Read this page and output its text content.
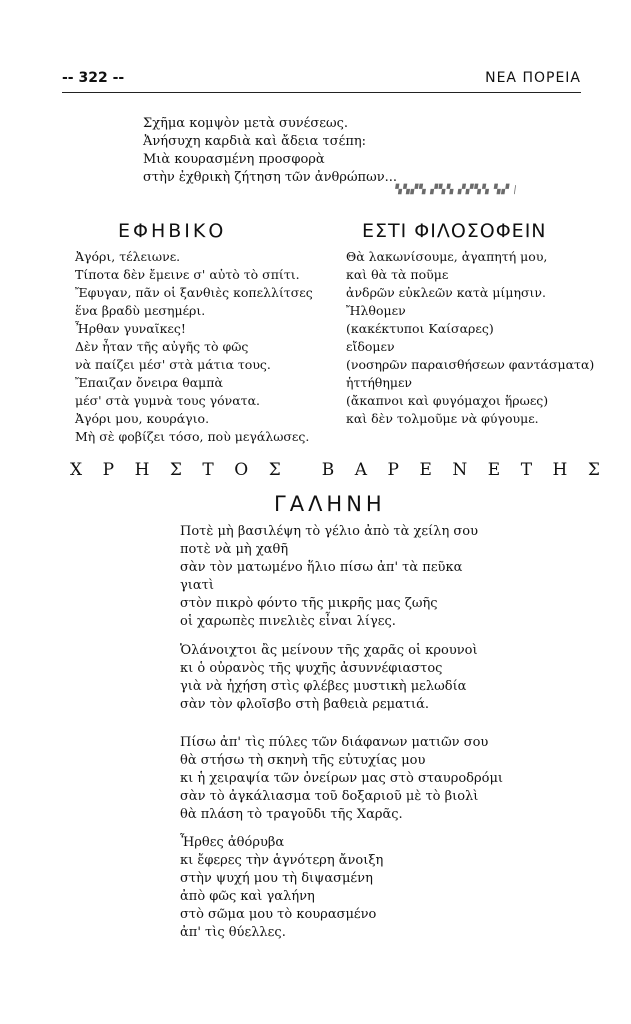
-- 322 --	ΝΕΑ ΠΟΡΕΙΑ
Σχῆμα κομψὸν μετὰ συνέσεως.
Ἀνήσυχη καρδιὰ καὶ ἄδεια τσέπη:
Μιὰ κουρασμένη προσφορὰ
στὴν ἐχθρικὴ ζήτηση τῶν ἀνθρώπων...
▚▚▞▚ ▞▚▚ ▞▞▚▚ ▚▞ |
ΕΦΗΒΙΚΟ	ΕΣΤΙ ΦΙΛΟΣΟΦΕΙΝ
Ἀγόρι, τέλειωνε.
Τίποτα δὲν ἔμεινε σ' αὐτὸ τὸ σπίτι.
Ἔφυγαν, πᾶν οἱ ξανθιὲς κοπελλίτσες
ἕνα βραδὺ μεσημέρι.
Ἦρθαν γυναῖκες!
Δὲν ἦταν τῆς αὐγῆς τὸ φῶς
νὰ παίζει μέσ' στὰ μάτια τους.
Ἔπαιζαν ὄνειρα θαμπὰ
μέσ' στὰ γυμνὰ τους γόνατα.
Ἀγόρι μου, κουράγιο.
Μὴ σὲ φοβίζει τόσο, ποὺ μεγάλωσες.
Θὰ λακωνίσουμε, ἀγαπητή μου,
καὶ θὰ τὰ ποῦμε
ἀνδρῶν εὐκλεῶν κατὰ μίμησιν.
Ἤλθομεν
(κακέκτυποι Καίσαρες)
εἴδομεν
(νοσηρῶν παραισθήσεων φαντάσματα)
ἡττήθημεν
(ἄκαπνοι καὶ φυγόμαχοι ἥρωες)
καὶ δὲν τολμοῦμε νὰ φύγουμε.
Χ Ρ Η Σ Τ Ο Σ Β Α Ρ Ε Ν Ε Τ Η Σ
ΓΑΛΗΝΗ
Ποτὲ μὴ βασιλέψη τὸ γέλιο ἀπὸ τὰ χείλη σου
ποτὲ νὰ μὴ χαθῆ
σὰν τὸν ματωμένο ἥλιο πίσω ἀπ' τὰ πεῦκα
γιατὶ
στὸν πικρὸ φόντο τῆς μικρῆς μας ζωῆς
οἱ χαρωπὲς πινελιὲς εἶναι λίγες.
Ὁλάνοιχτοι ἂς μείνουν τῆς χαρᾶς οἱ κρουνοὶ
κι ὁ οὐρανὸς τῆς ψυχῆς ἀσυννέφιαστος
γιὰ νὰ ἠχήση στὶς φλέβες μυστικὴ μελωδία
σὰν τὸν φλοῖσβο στὴ βαθειὰ ρεματιά.
Πίσω ἀπ' τὶς πύλες τῶν διάφανων ματιῶν σου
θὰ στήσω τὴ σκηνὴ τῆς εὐτυχίας μου
κι ἡ χειραψία τῶν ὀνείρων μας στὸ σταυροδρόμι
σὰν τὸ ἀγκάλιασμα τοῦ δοξαριοῦ μὲ τὸ βιολὶ
θὰ πλάση τὸ τραγοῦδι τῆς Χαρᾶς.
Ἦρθες ἀθόρυβα
κι ἔφερες τὴν ἁγνότερη ἄνοιξη
στὴν ψυχή μου τὴ διψασμένη
ἀπὸ φῶς καὶ γαλήνη
στὸ σῶμα μου τὸ κουρασμένο
ἀπ' τὶς θύελλες.
